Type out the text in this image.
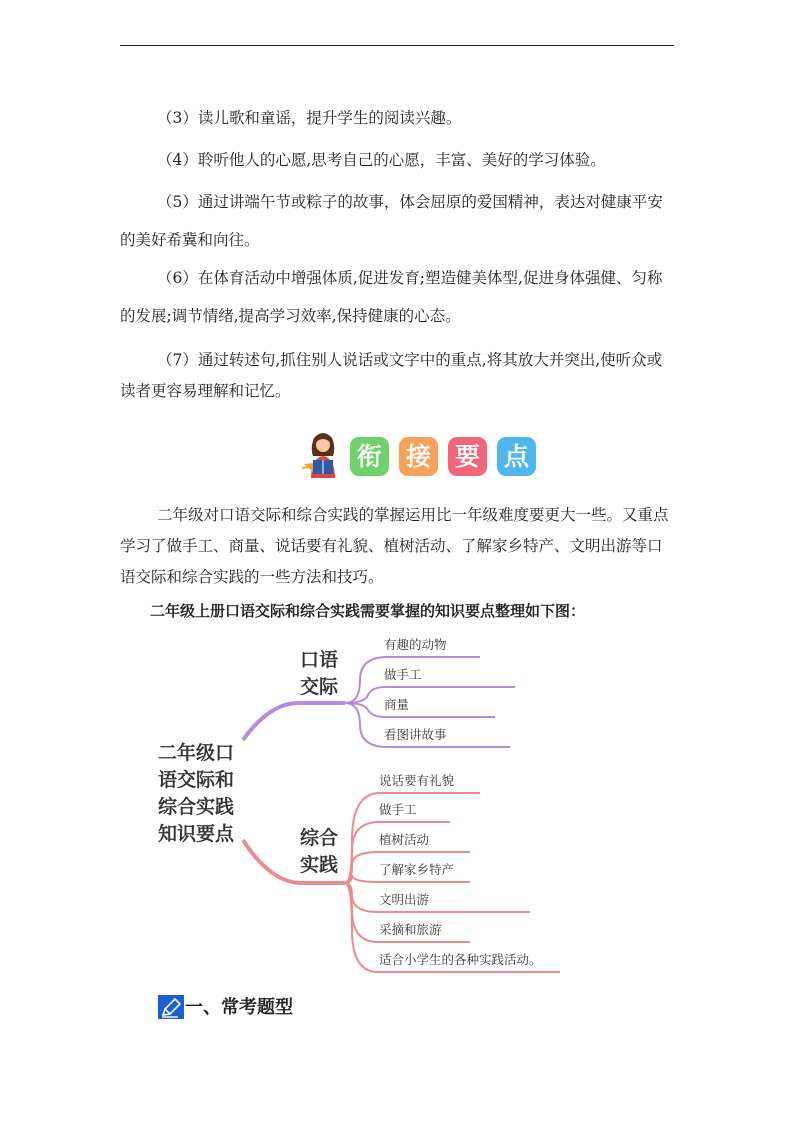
（3）读儿歌和童谣，提升学生的阅读兴趣。

（4）聆听他人的心愿,思考自己的心愿，丰富、美好的学习体验。

（5）通过讲端午节或粽子的故事，体会屈原的爱国精神，表达对健康平安的美好希冀和向往。

（6）在体育活动中增强体质,促进发育;塑造健美体型,促进身体强健、匀称的发展;调节情绪,提高学习效率,保持健康的心态。

（7）通过转述句,抓住别人说话或文字中的重点,将其放大并突出,使听众或读者更容易理解和记忆。

衔 接 要 点

二年级对口语交际和综合实践的掌握运用比一年级难度要更大一些。又重点学习了做手工、商量、说话要有礼貌、植树活动、了解家乡特产、文明出游等口语交际和综合实践的一些方法和技巧。

二年级上册口语交际和综合实践需要掌握的知识要点整理如下图：

二年级口语交际和综合实践知识要点

口语交际

综合实践

有趣的动物

做手工

商量

看图讲故事

说话要有礼貌

做手工

植树活动

了解家乡特产

文明出游

采摘和旅游

适合小学生的各种实践活动。

一、常考题型
